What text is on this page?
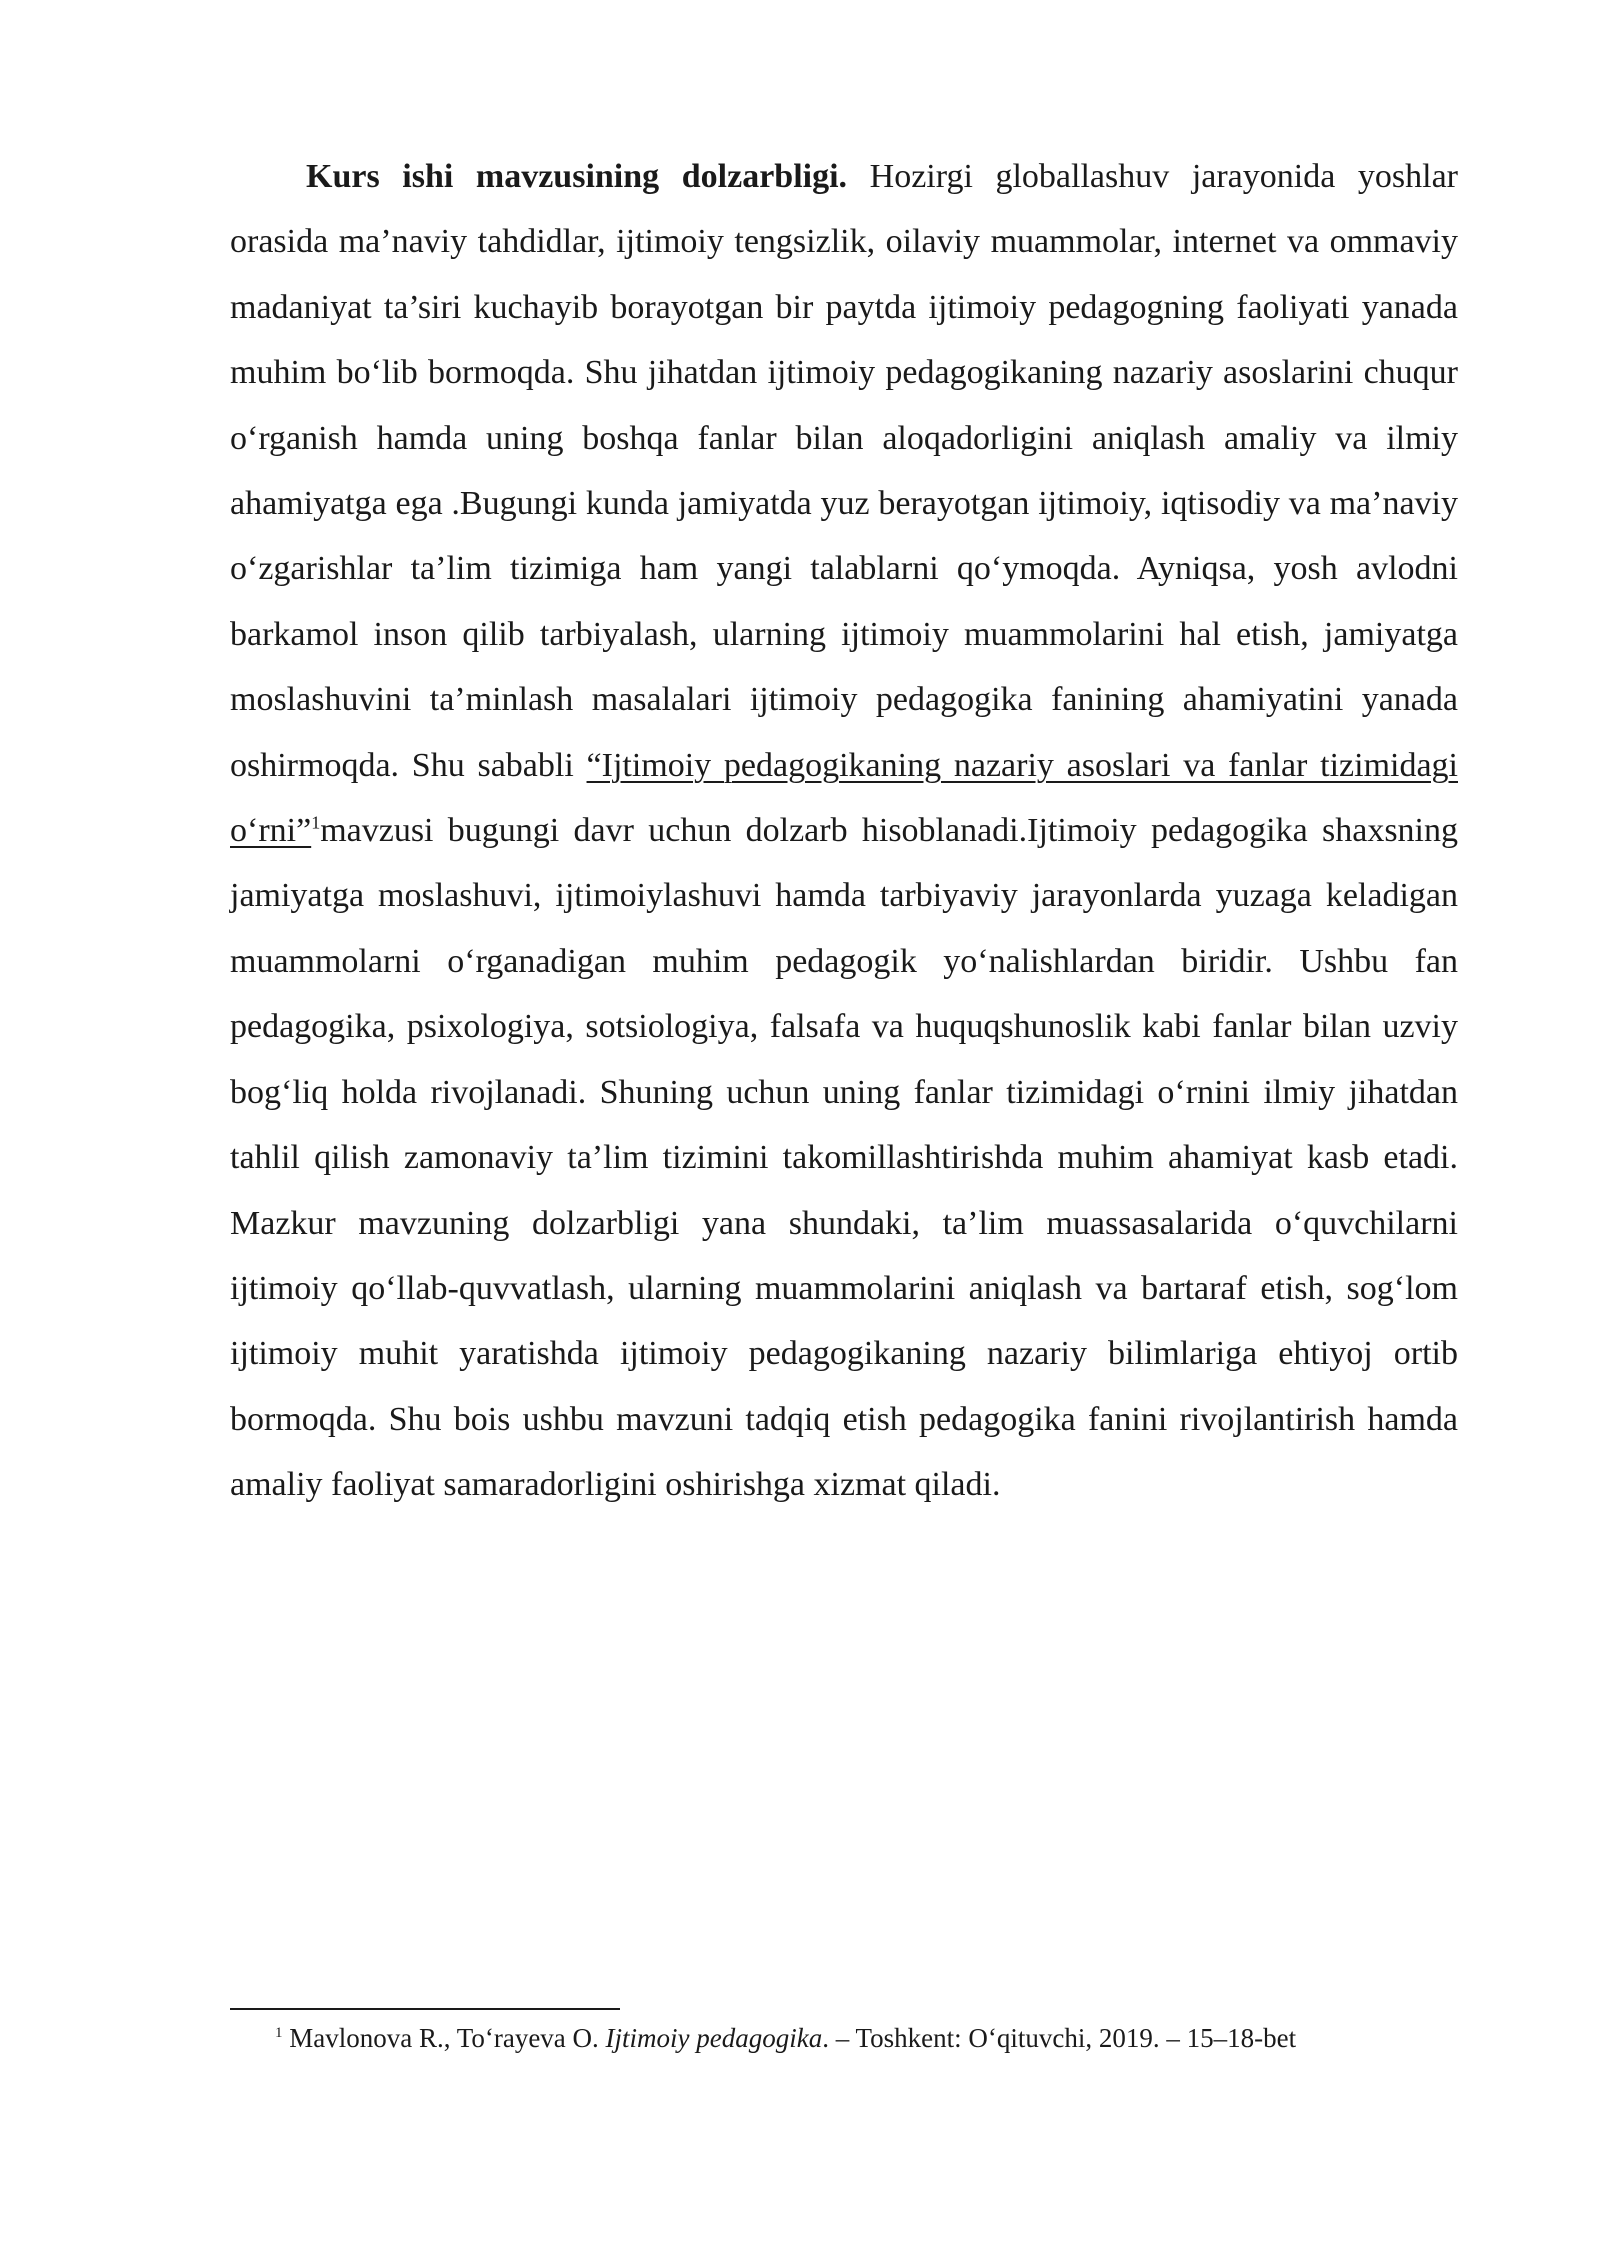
Kurs ishi mavzusining dolzarbligi. Hozirgi globallashuv jarayonida yoshlar orasida ma’naviy tahdidlar, ijtimoiy tengsizlik, oilaviy muammolar, internet va ommaviy madaniyat ta’siri kuchayib borayotgan bir paytda ijtimoiy pedagogning faoliyati yanada muhim bo‘lib bormoqda. Shu jihatdan ijtimoiy pedagogikaning nazariy asoslarini chuqur o‘rganish hamda uning boshqa fanlar bilan aloqadorligini aniqlash amaliy va ilmiy ahamiyatga ega .Bugungi kunda jamiyatda yuz berayotgan ijtimoiy, iqtisodiy va ma’naviy o‘zgarishlar ta’lim tizimiga ham yangi talablarni qo‘ymoqda. Ayniqsa, yosh avlodni barkamol inson qilib tarbiyalash, ularning ijtimoiy muammolarini hal etish, jamiyatga moslashuvini ta’minlash masalalari ijtimoiy pedagogika fanining ahamiyatini yanada oshirmoqda. Shu sababli “Ijtimoiy pedagogikaning nazariy asoslari va fanlar tizimidagi o‘rni”$^1$mavzusi bugungi davr uchun dolzarb hisoblanadi.Ijtimoiy pedagogika shaxsning jamiyatga moslashuvi, ijtimoiylashuvi hamda tarbiyaviy jarayonlarda yuzaga keladigan muammolarni o‘rganadigan muhim pedagogik yo‘nalishlardan biridir. Ushbu fan pedagogika, psixologiya, sotsiologiya, falsafa va huquqshunoslik kabi fanlar bilan uzviy bog‘liq holda rivojlanadi. Shuning uchun uning fanlar tizimidagi o‘rnini ilmiy jihatdan tahlil qilish zamonaviy ta’lim tizimini takomillashtirishda muhim ahamiyat kasb etadi. Mazkur mavzuning dolzarbligi yana shundaki, ta’lim muassasalarida o‘quvchilarni ijtimoiy qo‘llab-quvvatlash, ularning muammolarini aniqlash va bartaraf etish, sog‘lom ijtimoiy muhit yaratishda ijtimoiy pedagogikaning nazariy bilimlariga ehtiyoj ortib bormoqda. Shu bois ushbu mavzuni tadqiq etish pedagogika fanini rivojlantirish hamda amaliy faoliyat samaradorligini oshirishga xizmat qiladi.

$^1$ Mavlonova R., To‘rayeva O. Ijtimoiy pedagogika. – Toshkent: O‘qituvchi, 2019. – 15–18-bet
